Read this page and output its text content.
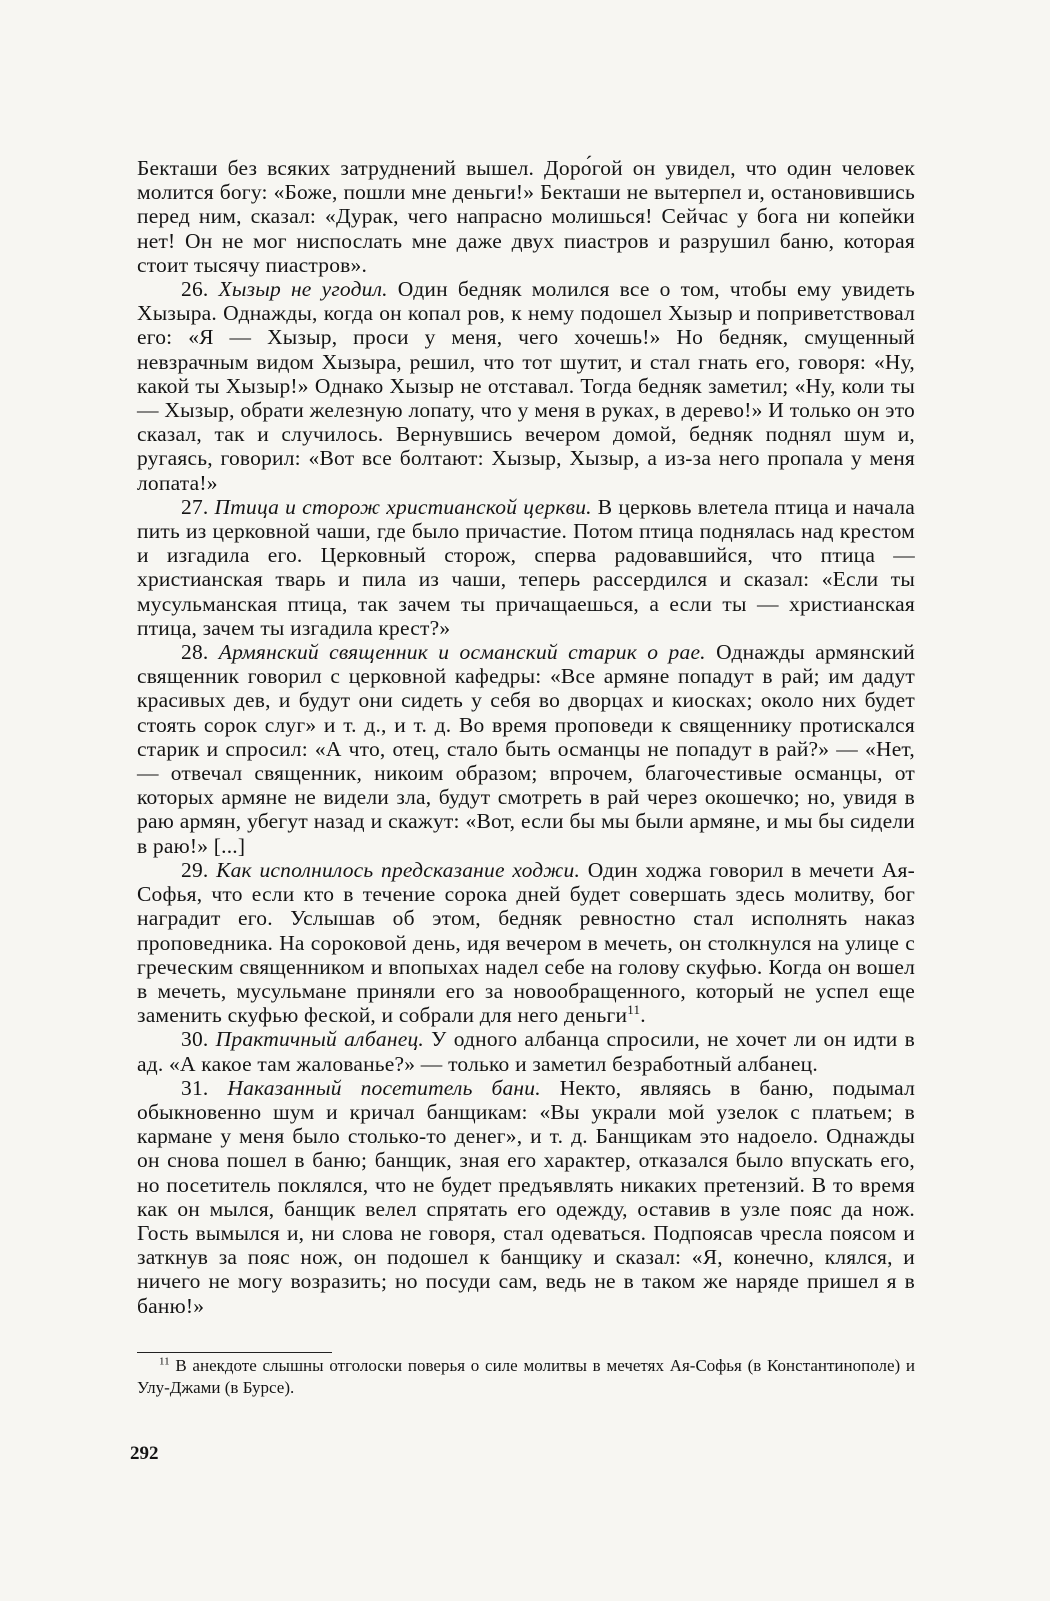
Бекташи без всяких затруднений вышел. Доро́гой он увидел, что один человек молится богу: «Боже, пошли мне деньги!» Бекташи не вытерпел и, остановившись перед ним, сказал: «Дурак, чего напрасно молишься! Сейчас у бога ни копейки нет! Он не мог ниспослать мне даже двух пиастров и разрушил баню, которая стоит тысячу пиастров».

26. Хызыр не угодил. Один бедняк молился все о том, чтобы ему увидеть Хызыра. Однажды, когда он копал ров, к нему подошел Хызыр и поприветствовал его: «Я — Хызыр, проси у меня, чего хочешь!» Но бедняк, смущенный невзрачным видом Хызыра, решил, что тот шутит, и стал гнать его, говоря: «Ну, какой ты Хызыр!» Однако Хызыр не отставал. Тогда бедняк заметил; «Ну, коли ты — Хызыр, обрати железную лопату, что у меня в руках, в дерево!» И только он это сказал, так и случилось. Вернувшись вечером домой, бедняк поднял шум и, ругаясь, говорил: «Вот все болтают: Хызыр, Хызыр, а из-за него пропала у меня лопата!»

27. Птица и сторож христианской церкви. В церковь влетела птица и начала пить из церковной чаши, где было причастие. Потом птица поднялась над крестом и изгадила его. Церковный сторож, сперва радовавшийся, что птица — христианская тварь и пила из чаши, теперь рассердился и сказал: «Если ты мусульманская птица, так зачем ты причащаешься, а если ты — христианская птица, зачем ты изгадила крест?»

28. Армянский священник и османский старик о рае. Однажды армянский священник говорил с церковной кафедры: «Все армяне попадут в рай; им дадут красивых дев, и будут они сидеть у себя во дворцах и киосках; около них будет стоять сорок слуг» и т. д., и т. д. Во время проповеди к священнику протискался старик и спросил: «А что, отец, стало быть османцы не попадут в рай?» — «Нет, — отвечал священник, никоим образом; впрочем, благочестивые османцы, от которых армяне не видели зла, будут смотреть в рай через окошечко; но, увидя в раю армян, убегут назад и скажут: «Вот, если бы мы были армяне, и мы бы сидели в раю!» [...]

29. Как исполнилось предсказание ходжи. Один ходжа говорил в мечети Ая-Софья, что если кто в течение сорока дней будет совершать здесь молитву, бог наградит его. Услышав об этом, бедняк ревностно стал исполнять наказ проповедника. На сороковой день, идя вечером в мечеть, он столкнулся на улице с греческим священником и впопыхах надел себе на голову скуфью. Когда он вошел в мечеть, мусульмане приняли его за новообращенного, который не успел еще заменить скуфью феской, и собрали для него деньги$^{11}$.

30. Практичный албанец. У одного албанца спросили, не хочет ли он идти в ад. «А какое там жалованье?» — только и заметил безработный албанец.

31. Наказанный посетитель бани. Некто, являясь в баню, подымал обыкновенно шум и кричал банщикам: «Вы украли мой узелок с платьем; в кармане у меня было столько-то денег», и т. д. Банщикам это надоело. Однажды он снова пошел в баню; банщик, зная его характер, отказался было впускать его, но посетитель поклялся, что не будет предъявлять никаких претензий. В то время как он мылся, банщик велел спрятать его одежду, оставив в узле пояс да нож. Гость вымылся и, ни слова не говоря, стал одеваться. Подпоясав чресла поясом и заткнув за пояс нож, он подошел к банщику и сказал: «Я, конечно, клялся, и ничего не могу возразить; но посуди сам, ведь не в таком же наряде пришел я в баню!»

$^{11}$ В анекдоте слышны отголоски поверья о силе молитвы в мечетях Ая-Софья (в Константинополе) и Улу-Джами (в Бурсе).

292
